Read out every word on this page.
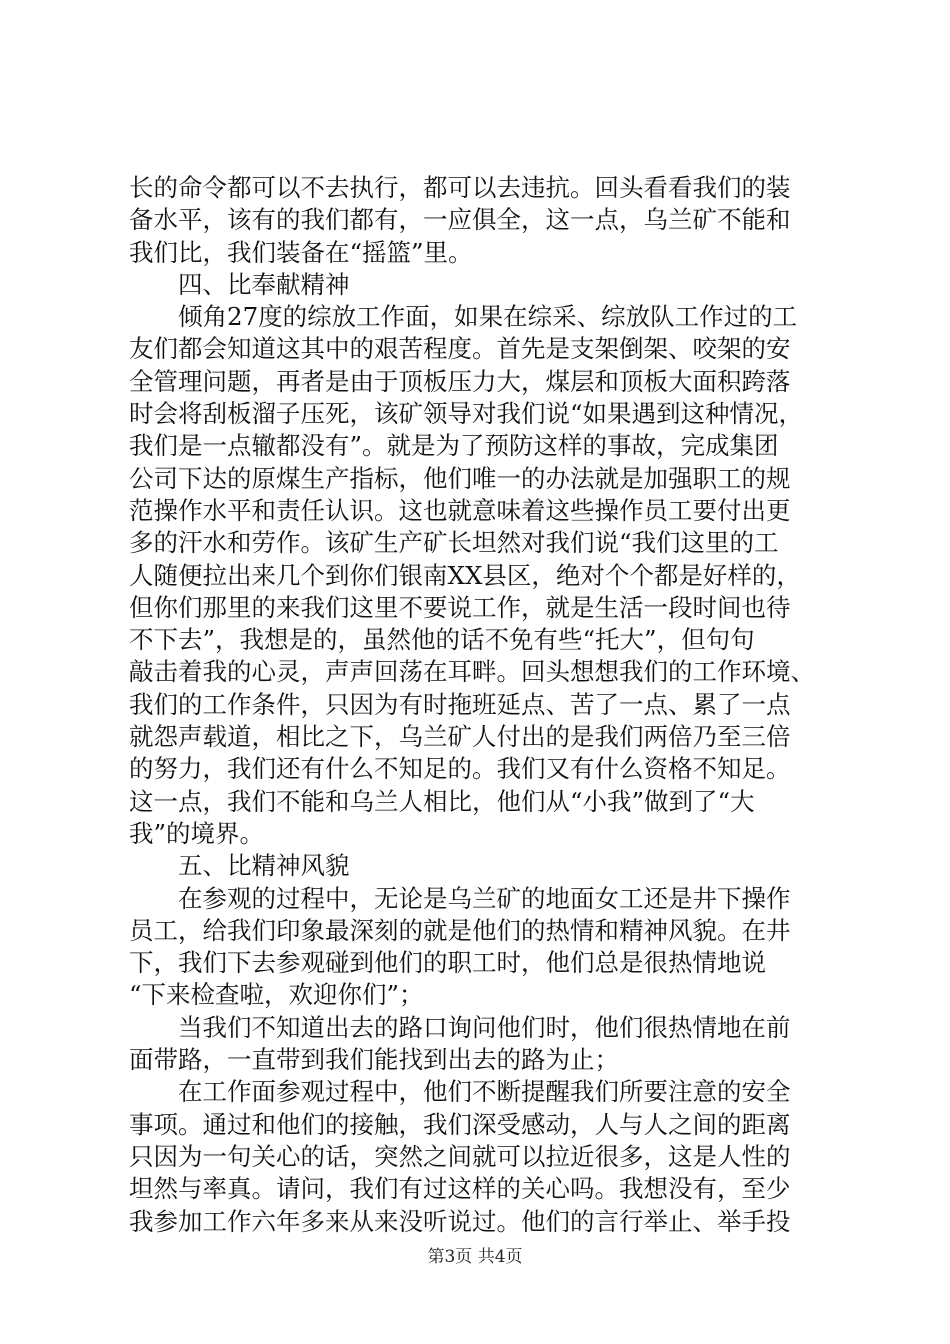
长的命令都可以不去执行，都可以去违抗。回头看看我们的装
备水平，该有的我们都有，一应俱全，这一点，乌兰矿不能和
我们比，我们装备在“摇篮”里。
　　四、比奉献精神
　　倾角27度的综放工作面，如果在综采、综放队工作过的工
友们都会知道这其中的艰苦程度。首先是支架倒架、咬架的安
全管理问题，再者是由于顶板压力大，煤层和顶板大面积跨落
时会将刮板溜子压死，该矿领导对我们说“如果遇到这种情况，
我们是一点辙都没有”。就是为了预防这样的事故，完成集团
公司下达的原煤生产指标，他们唯一的办法就是加强职工的规
范操作水平和责任认识。这也就意味着这些操作员工要付出更
多的汗水和劳作。该矿生产矿长坦然对我们说“我们这里的工
人随便拉出来几个到你们银南XX县区，绝对个个都是好样的，
但你们那里的来我们这里不要说工作，就是生活一段时间也待
不下去”，我想是的，虽然他的话不免有些“托大”，但句句
敲击着我的心灵，声声回荡在耳畔。回头想想我们的工作环境、
我们的工作条件，只因为有时拖班延点、苦了一点、累了一点
就怨声载道，相比之下，乌兰矿人付出的是我们两倍乃至三倍
的努力，我们还有什么不知足的。我们又有什么资格不知足。
这一点，我们不能和乌兰人相比，他们从“小我”做到了“大
我”的境界。
　　五、比精神风貌
　　在参观的过程中，无论是乌兰矿的地面女工还是井下操作
员工，给我们印象最深刻的就是他们的热情和精神风貌。在井
下，我们下去参观碰到他们的职工时，他们总是很热情地说
“下来检查啦，欢迎你们”；
　　当我们不知道出去的路口询问他们时，他们很热情地在前
面带路，一直带到我们能找到出去的路为止；
　　在工作面参观过程中，他们不断提醒我们所要注意的安全
事项。通过和他们的接触，我们深受感动，人与人之间的距离
只因为一句关心的话，突然之间就可以拉近很多，这是人性的
坦然与率真。请问，我们有过这样的关心吗。我想没有，至少
我参加工作六年多来从来没听说过。他们的言行举止、举手投
第3页 共4页
